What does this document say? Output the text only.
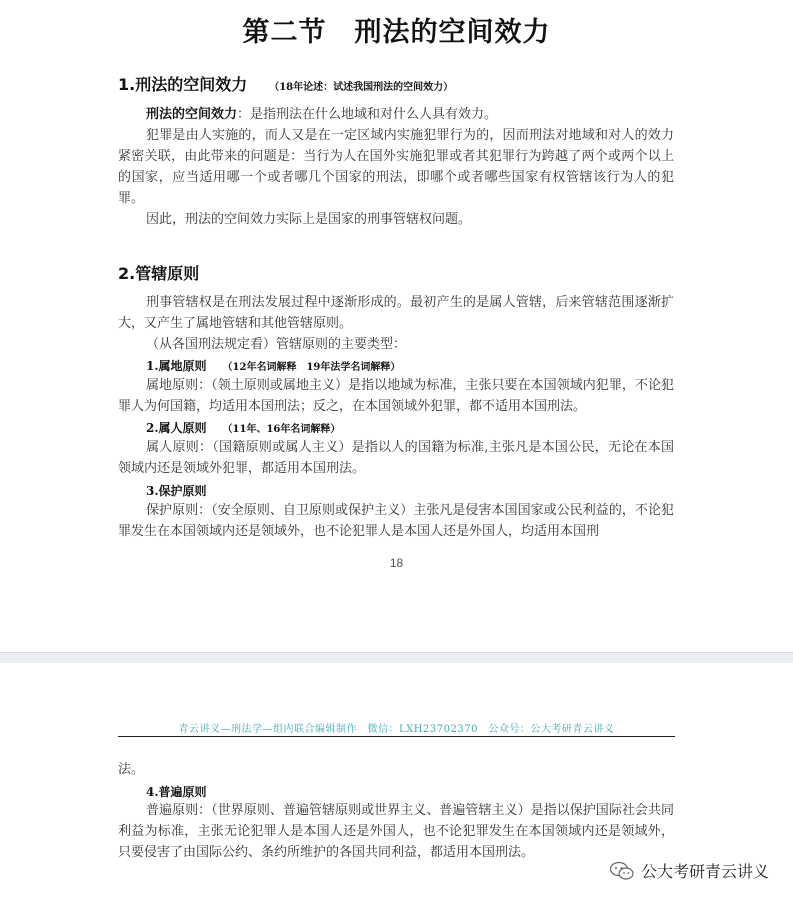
第二节　刑法的空间效力
1.刑法的空间效力 （18年论述：试述我国刑法的空间效力）
刑法的空间效力：是指刑法在什么地域和对什么人具有效力。
犯罪是由人实施的，而人又是在一定区域内实施犯罪行为的，因而刑法对地域和对人的效力紧密关联，由此带来的问题是：当行为人在国外实施犯罪或者其犯罪行为跨越了两个或两个以上的国家，应当适用哪一个或者哪几个国家的刑法，即哪个或者哪些国家有权管辖该行为人的犯罪。
因此，刑法的空间效力实际上是国家的刑事管辖权问题。
2.管辖原则
刑事管辖权是在刑法发展过程中逐渐形成的。最初产生的是属人管辖，后来管辖范围逐渐扩大，又产生了属地管辖和其他管辖原则。
（从各国刑法规定看）管辖原则的主要类型：
1.属地原则 （12年名词解释　19年法学名词解释）
属地原则：（领土原则或属地主义）是指以地域为标准，主张只要在本国领域内犯罪，不论犯罪人为何国籍，均适用本国刑法；反之，在本国领域外犯罪，都不适用本国刑法。
2.属人原则 （11年、16年名词解释）
属人原则：（国籍原则或属人主义）是指以人的国籍为标准,主张凡是本国公民，无论在本国领域内还是领域外犯罪，都适用本国刑法。
3.保护原则
保护原则：（安全原则、自卫原则或保护主义）主张凡是侵害本国国家或公民利益的，不论犯罪发生在本国领域内还是领域外，也不论犯罪人是本国人还是外国人，均适用本国刑
18
青云讲义—刑法学—组内联合编辑制作　微信：LXH23702370　公众号：公大考研青云讲义
法。
4.普遍原则
普遍原则：（世界原则、普遍管辖原则或世界主义、普遍管辖主义）是指以保护国际社会共同利益为标准，主张无论犯罪人是本国人还是外国人，也不论犯罪发生在本国领域内还是领域外，只要侵害了由国际公约、条约所维护的各国共同利益，都适用本国刑法。
公大考研青云讲义
